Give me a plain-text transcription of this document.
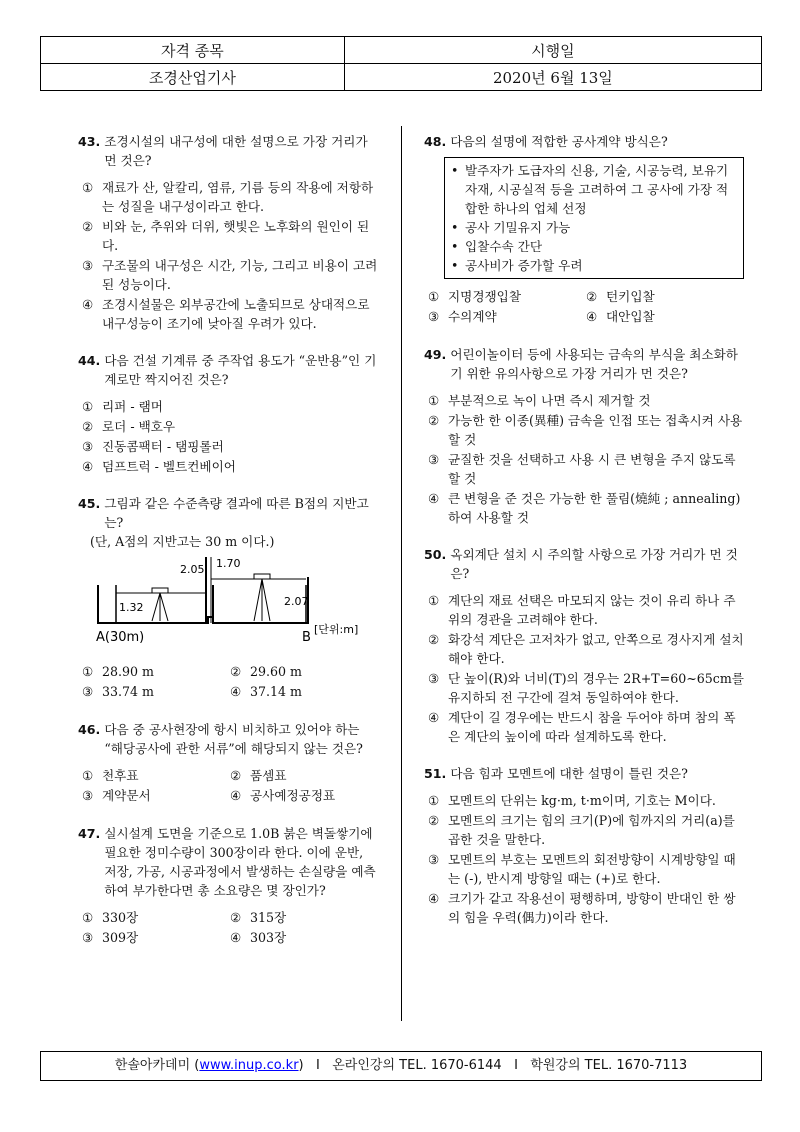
자격 종목	시행일
조경산업기사	2020년 6월 13일
43. 조경시설의 내구성에 대한 설명으로 가장 거리가 먼 것은?
① 재료가 산, 알칼리, 염류, 기름 등의 작용에 저항하는 성질을 내구성이라고 한다.
② 비와 눈, 추위와 더위, 햇빛은 노후화의 원인이 된다.
③ 구조물의 내구성은 시간, 기능, 그리고 비용이 고려된 성능이다.
④ 조경시설물은 외부공간에 노출되므로 상대적으로 내구성능이 조기에 낮아질 우려가 있다.
44. 다음 건설 기계류 중 주작업 용도가 “운반용”인 기계로만 짝지어진 것은?
① 리퍼 - 램머
② 로더 - 백호우
③ 진동콤팩터 - 탬핑롤러
④ 덤프트럭 - 벨트컨베이어
45. 그림과 같은 수준측량 결과에 따른 B점의 지반고는?
(단, A점의 지반고는 30 m 이다.)
2.05 1.70
1.32	2.07
A(30m)	B
[단위:m]
① 28.90 m	② 29.60 m
③ 33.74 m	④ 37.14 m
46. 다음 중 공사현장에 항시 비치하고 있어야 하는 “해당공사에 관한 서류”에 해당되지 않는 것은?
① 천후표	② 품셈표
③ 계약문서	④ 공사예정공정표
47. 실시설계 도면을 기준으로 1.0B 붉은 벽돌쌓기에 필요한 정미수량이 300장이라 한다. 이에 운반, 저장, 가공, 시공과정에서 발생하는 손실량을 예측하여 부가한다면 총 소요량은 몇 장인가?
① 330장	② 315장
③ 309장	④ 303장
48. 다음의 설명에 적합한 공사계약 방식은?
• 발주자가 도급자의 신용, 기술, 시공능력, 보유기자재, 시공실적 등을 고려하여 그 공사에 가장 적합한 하나의 업체 선정
• 공사 기밀유지 가능
• 입찰수속 간단
• 공사비가 증가할 우려
① 지명경쟁입찰	② 턴키입찰
③ 수의계약	④ 대안입찰
49. 어린이놀이터 등에 사용되는 금속의 부식을 최소화하기 위한 유의사항으로 가장 거리가 먼 것은?
① 부분적으로 녹이 나면 즉시 제거할 것
② 가능한 한 이종(異種) 금속을 인접 또는 접촉시켜 사용할 것
③ 균질한 것을 선택하고 사용 시 큰 변형을 주지 않도록 할 것
④ 큰 변형을 준 것은 가능한 한 풀림(燒純 ; annealing)하여 사용할 것
50. 옥외계단 설치 시 주의할 사항으로 가장 거리가 먼 것은?
① 계단의 재료 선택은 마모되지 않는 것이 유리 하나 주위의 경관을 고려해야 한다.
② 화강석 계단은 고저차가 없고, 안쪽으로 경사지게 설치해야 한다.
③ 단 높이(R)와 너비(T)의 경우는 2R+T=60~65cm를 유지하되 전 구간에 걸쳐 동일하여야 한다.
④ 계단이 길 경우에는 반드시 참을 두어야 하며 참의 폭은 계단의 높이에 따라 설계하도록 한다.
51. 다음 힘과 모멘트에 대한 설명이 틀린 것은?
① 모멘트의 단위는 kg·m, t·m이며, 기호는 M이다.
② 모멘트의 크기는 힘의 크기(P)에 힘까지의 거리(a)를 곱한 것을 말한다.
③ 모멘트의 부호는 모멘트의 회전방향이 시계방향일 때는 (-), 반시계 방향일 때는 (+)로 한다.
④ 크기가 같고 작용선이 평행하며, 방향이 반대인 한 쌍의 힘을 우력(偶力)이라 한다.
한솔아카데미 (www.inup.co.kr)   I   온라인강의 TEL. 1670-6144   I   학원강의 TEL. 1670-7113
